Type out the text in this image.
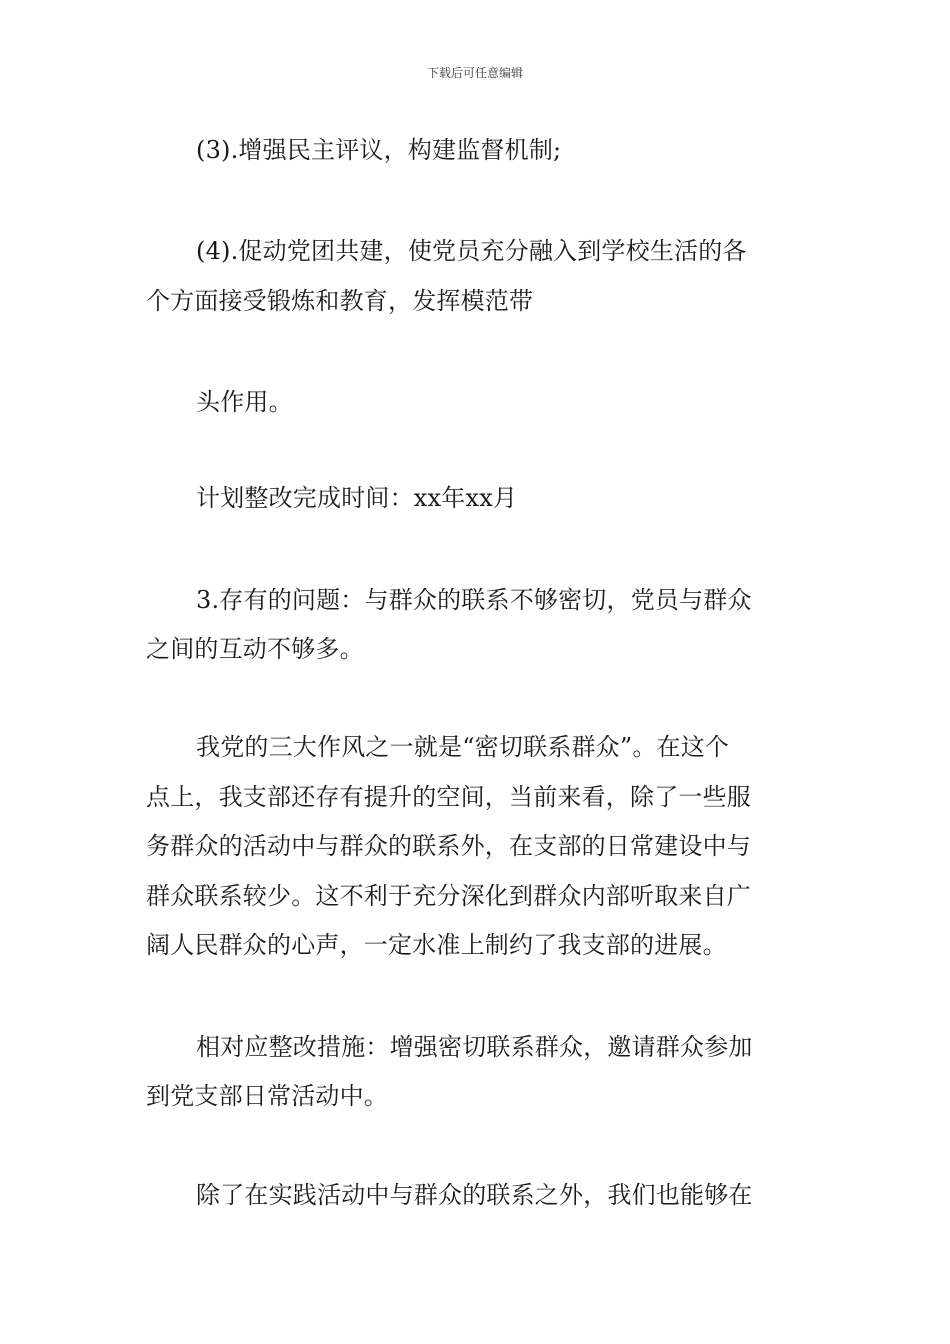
下载后可任意编辑
(3).增强民主评议，构建监督机制;
(4).促动党团共建，使党员充分融入到学校生活的各
个方面接受锻炼和教育，发挥模范带
头作用。
计划整改完成时间：xx年xx月
3.存有的问题：与群众的联系不够密切，党员与群众
之间的互动不够多。
我党的三大作风之一就是“密切联系群众”。在这个
点上，我支部还存有提升的空间，当前来看，除了一些服
务群众的活动中与群众的联系外，在支部的日常建设中与
群众联系较少。这不利于充分深化到群众内部听取来自广
阔人民群众的心声，一定水准上制约了我支部的进展。
相对应整改措施：增强密切联系群众，邀请群众参加
到党支部日常活动中。
除了在实践活动中与群众的联系之外，我们也能够在
